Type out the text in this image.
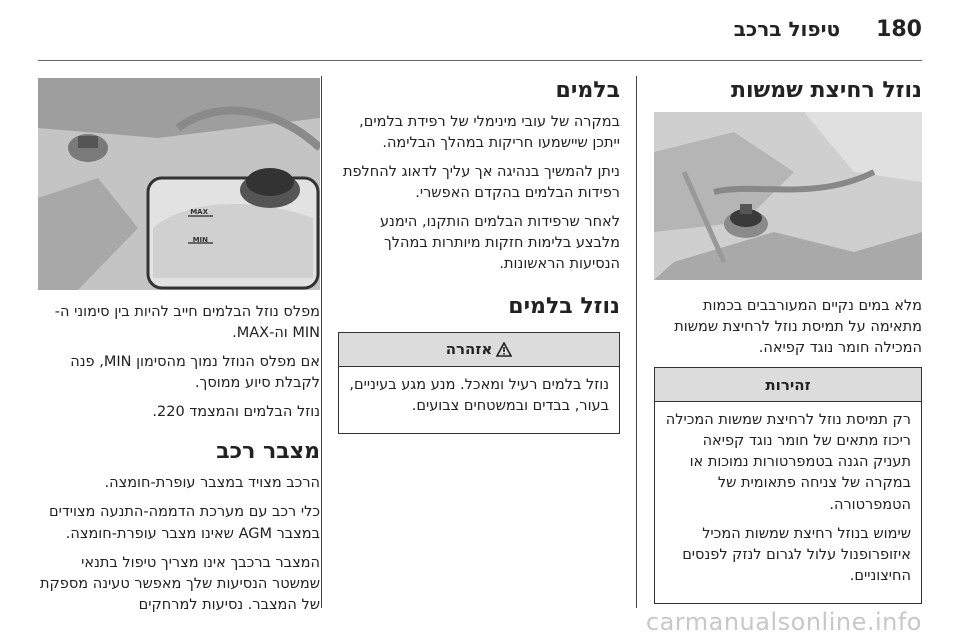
180
טיפול ברכב
נוזל רחיצת שמשות

מלא במים נקיים המעורבבים בכמות מתאימה על תמיסת נוזל לרחיצת שמשות המכילה חומר נוגד קפיאה.

זהירות

רק תמיסת נוזל לרחיצת שמשות המכילה ריכוז מתאים של חומר נוגד קפיאה תעניק הגנה בטמפרטורות נמוכות או במקרה של צניחה פתאומית של הטמפרטורה.

שימוש בנוזל רחיצת שמשות המכיל איזופרופנול עלול לגרום לנזק לפנסים החיצוניים.

בלמים

במקרה של עובי מינימלי של רפידת בלמים, ייתכן שיישמעו חריקות במהלך הבלימה.

ניתן להמשיך בנהיגה אך עליך לדאוג להחלפת רפידות הבלמים בהקדם האפשרי.

לאחר שרפידות הבלמים הותקנו, הימנע מלבצע בלימות חזקות מיותרות במהלך הנסיעות הראשונות.

נוזל בלמים
אזהרה

נוזל בלמים רעיל ומאכל. מנע מגע בעיניים, בעור, בבדים ובמשטחים צבועים.

MAX
MIN

מפלס נוזל הבלמים חייב להיות בין סימוני ה-MIN וה-MAX.

אם מפלס הנוזל נמוך מהסימון MIN, פנה לקבלת סיוע ממוסך.

נוזל הבלמים והמצמד 220.

מצבר רכב

הרכב מצויד במצבר עופרת-חומצה.

כלי רכב עם מערכת הדממה-התנעה מצוידים במצבר AGM שאינו מצבר עופרת-חומצה.

המצבר ברכבך אינו מצריך טיפול בתנאי שמשטר הנסיעות שלך מאפשר טעינה מספקת של המצבר. נסיעות למרחקים

carmanualsonline.info
